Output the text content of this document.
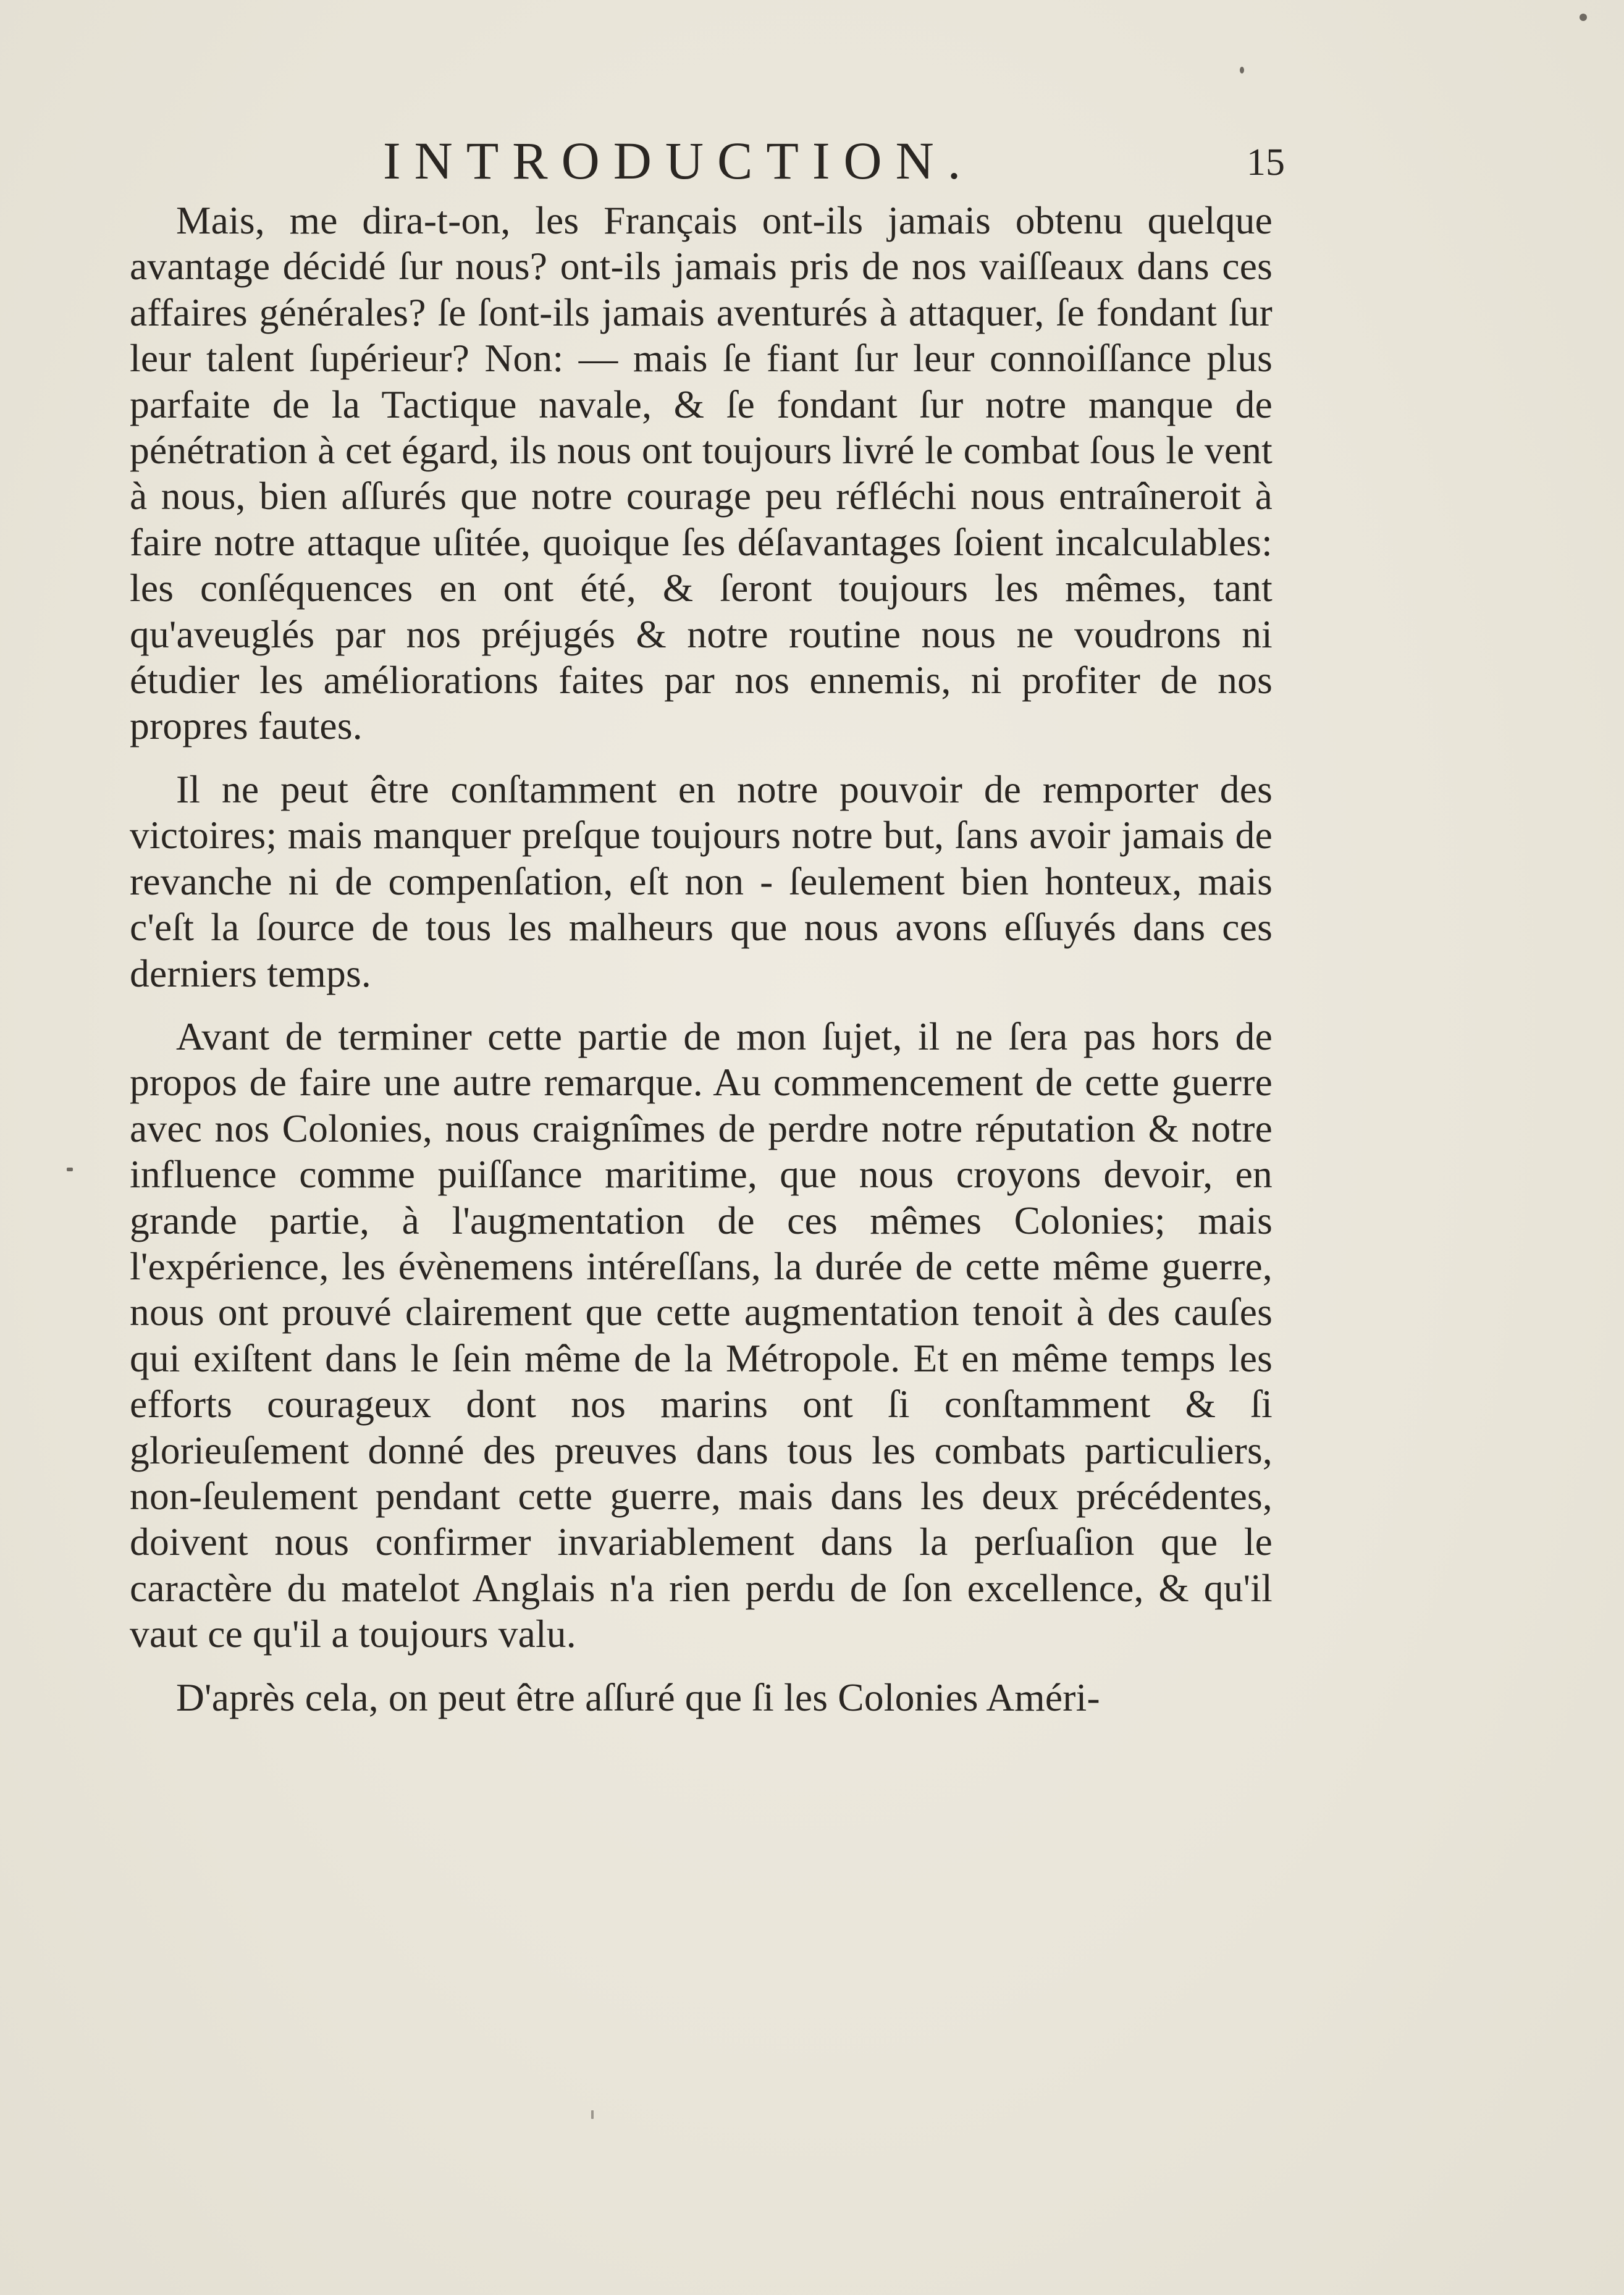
INTRODUCTION.	15

Mais, me dira-t-on, les Français ont-ils jamais obtenu quelque avantage décidé ſur nous? ont-ils jamais pris de nos vaiſſeaux dans ces affaires générales? ſe ſont-ils jamais aventurés à attaquer, ſe fondant ſur leur talent ſupérieur? Non: — mais ſe fiant ſur leur connoiſſance plus parfaite de la Tactique navale, & ſe fondant ſur notre manque de pénétration à cet égard, ils nous ont toujours livré le combat ſous le vent à nous, bien aſſurés que notre courage peu réfléchi nous entraîneroit à faire notre attaque uſitée, quoique ſes déſavantages ſoient incalculables: les conſéquences en ont été, & ſeront toujours les mêmes, tant qu'aveuglés par nos préjugés & notre routine nous ne voudrons ni étudier les améliorations faites par nos ennemis, ni profiter de nos propres fautes.

Il ne peut être conſtamment en notre pouvoir de remporter des victoires; mais manquer preſque toujours notre but, ſans avoir jamais de revanche ni de compenſation, eſt non - ſeulement bien honteux, mais c'eſt la ſource de tous les malheurs que nous avons eſſuyés dans ces derniers temps.

Avant de terminer cette partie de mon ſujet, il ne ſera pas hors de propos de faire une autre remarque. Au commencement de cette guerre avec nos Colonies, nous craignîmes de perdre notre réputation & notre influence comme puiſſance maritime, que nous croyons devoir, en grande partie, à l'augmentation de ces mêmes Colonies; mais l'expérience, les évènemens intéreſſans, la durée de cette même guerre, nous ont prouvé clairement que cette augmentation tenoit à des cauſes qui exiſtent dans le ſein même de la Métropole. Et en même temps les efforts courageux dont nos marins ont ſi conſtamment & ſi glorieuſement donné des preuves dans tous les combats particuliers, non-ſeulement pendant cette guerre, mais dans les deux précédentes, doivent nous confirmer invariablement dans la perſuaſion que le caractère du matelot Anglais n'a rien perdu de ſon excellence, & qu'il vaut ce qu'il a toujours valu.

D'après cela, on peut être aſſuré que ſi les Colonies Améri-
